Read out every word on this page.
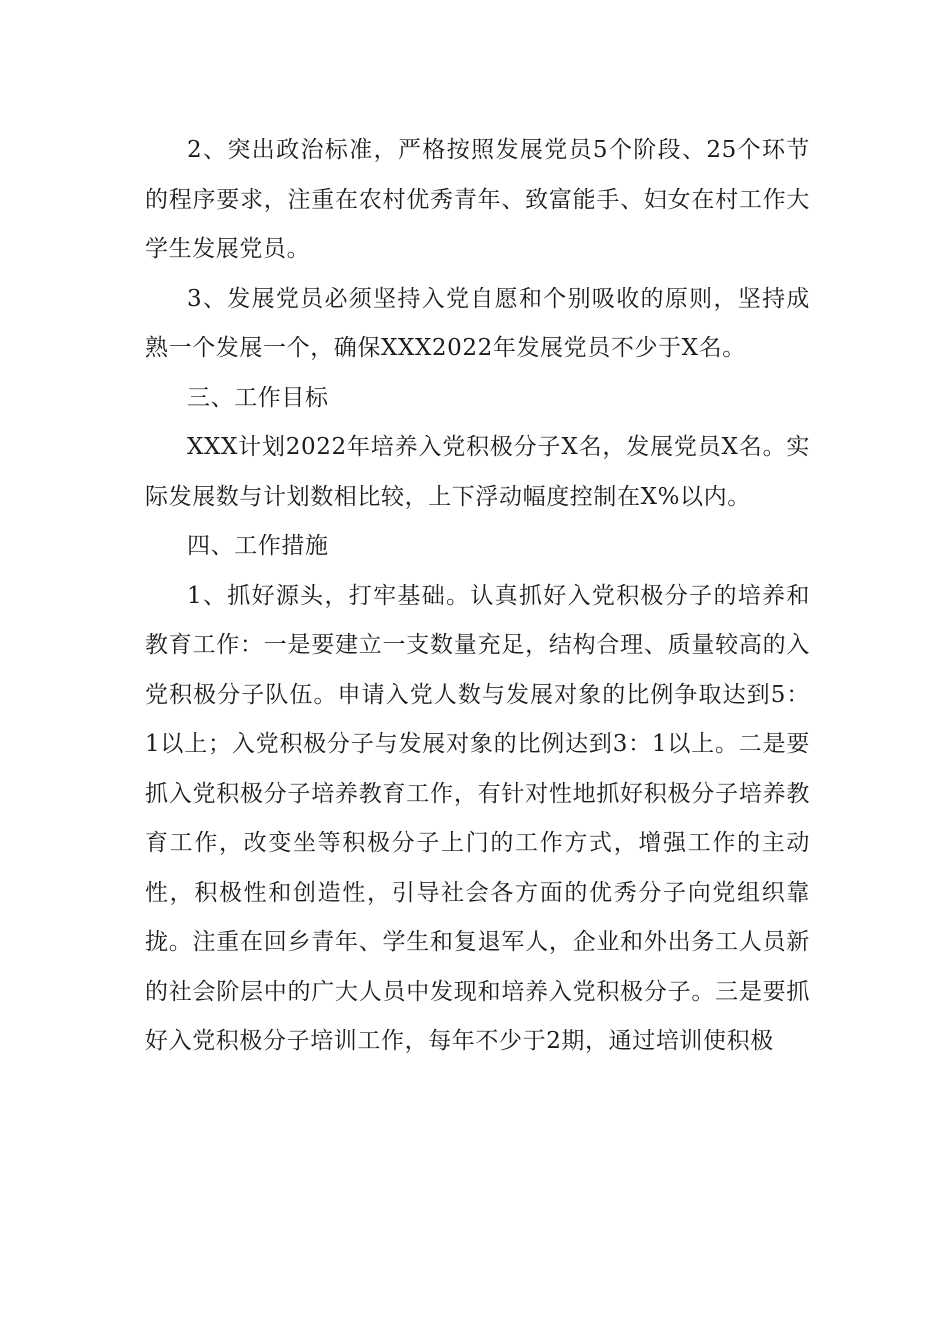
2、突出政治标准，严格按照发展党员5个阶段、25个环节的程序要求，注重在农村优秀青年、致富能手、妇女在村工作大学生发展党员。

3、发展党员必须坚持入党自愿和个别吸收的原则，坚持成熟一个发展一个，确保XXX2022年发展党员不少于X名。

三、工作目标

XXX计划2022年培养入党积极分子X名，发展党员X名。实际发展数与计划数相比较，上下浮动幅度控制在X%以内。

四、工作措施

1、抓好源头，打牢基础。认真抓好入党积极分子的培养和教育工作：一是要建立一支数量充足，结构合理、质量较高的入党积极分子队伍。申请入党人数与发展对象的比例争取达到5：1以上；入党积极分子与发展对象的比例达到3：1以上。二是要抓入党积极分子培养教育工作，有针对性地抓好积极分子培养教育工作，改变坐等积极分子上门的工作方式，增强工作的主动性，积极性和创造性，引导社会各方面的优秀分子向党组织靠拢。注重在回乡青年、学生和复退军人，企业和外出务工人员新的社会阶层中的广大人员中发现和培养入党积极分子。三是要抓好入党积极分子培训工作，每年不少于2期，通过培训使积极
